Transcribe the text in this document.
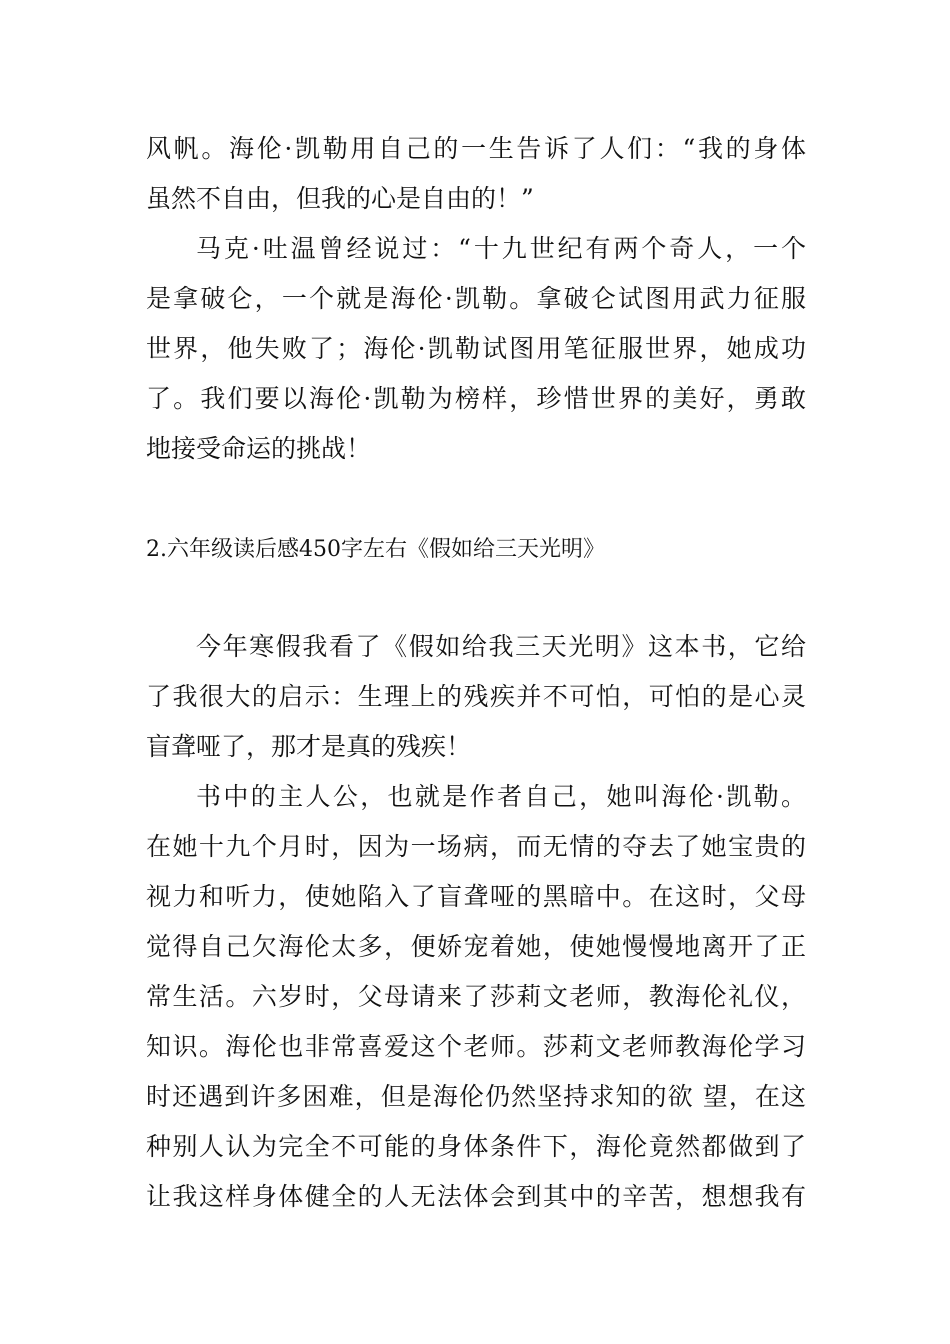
风帆。海伦·凯勒用自己的一生告诉了人们：“我的身体
虽然不自由，但我的心是自由的！”
马克·吐温曾经说过：“十九世纪有两个奇人，一个
是拿破仑，一个就是海伦·凯勒。拿破仑试图用武力征服
世界，他失败了；海伦·凯勒试图用笔征服世界，她成功
了。我们要以海伦·凯勒为榜样，珍惜世界的美好，勇敢
地接受命运的挑战！
2.六年级读后感450字左右《假如给三天光明》
今年寒假我看了《假如给我三天光明》这本书，它给
了我很大的启示：生理上的残疾并不可怕，可怕的是心灵
盲聋哑了，那才是真的残疾！
书中的主人公，也就是作者自己，她叫海伦·凯勒。
在她十九个月时，因为一场病，而无情的夺去了她宝贵的
视力和听力，使她陷入了盲聋哑的黑暗中。在这时，父母
觉得自己欠海伦太多，便娇宠着她，使她慢慢地离开了正
常生活。六岁时，父母请来了莎莉文老师，教海伦礼仪，
知识。海伦也非常喜爱这个老师。莎莉文老师教海伦学习
时还遇到许多困难，但是海伦仍然坚持求知的欲 望，在这
种别人认为完全不可能的身体条件下，海伦竟然都做到了
让我这样身体健全的人无法体会到其中的辛苦，想想我有
